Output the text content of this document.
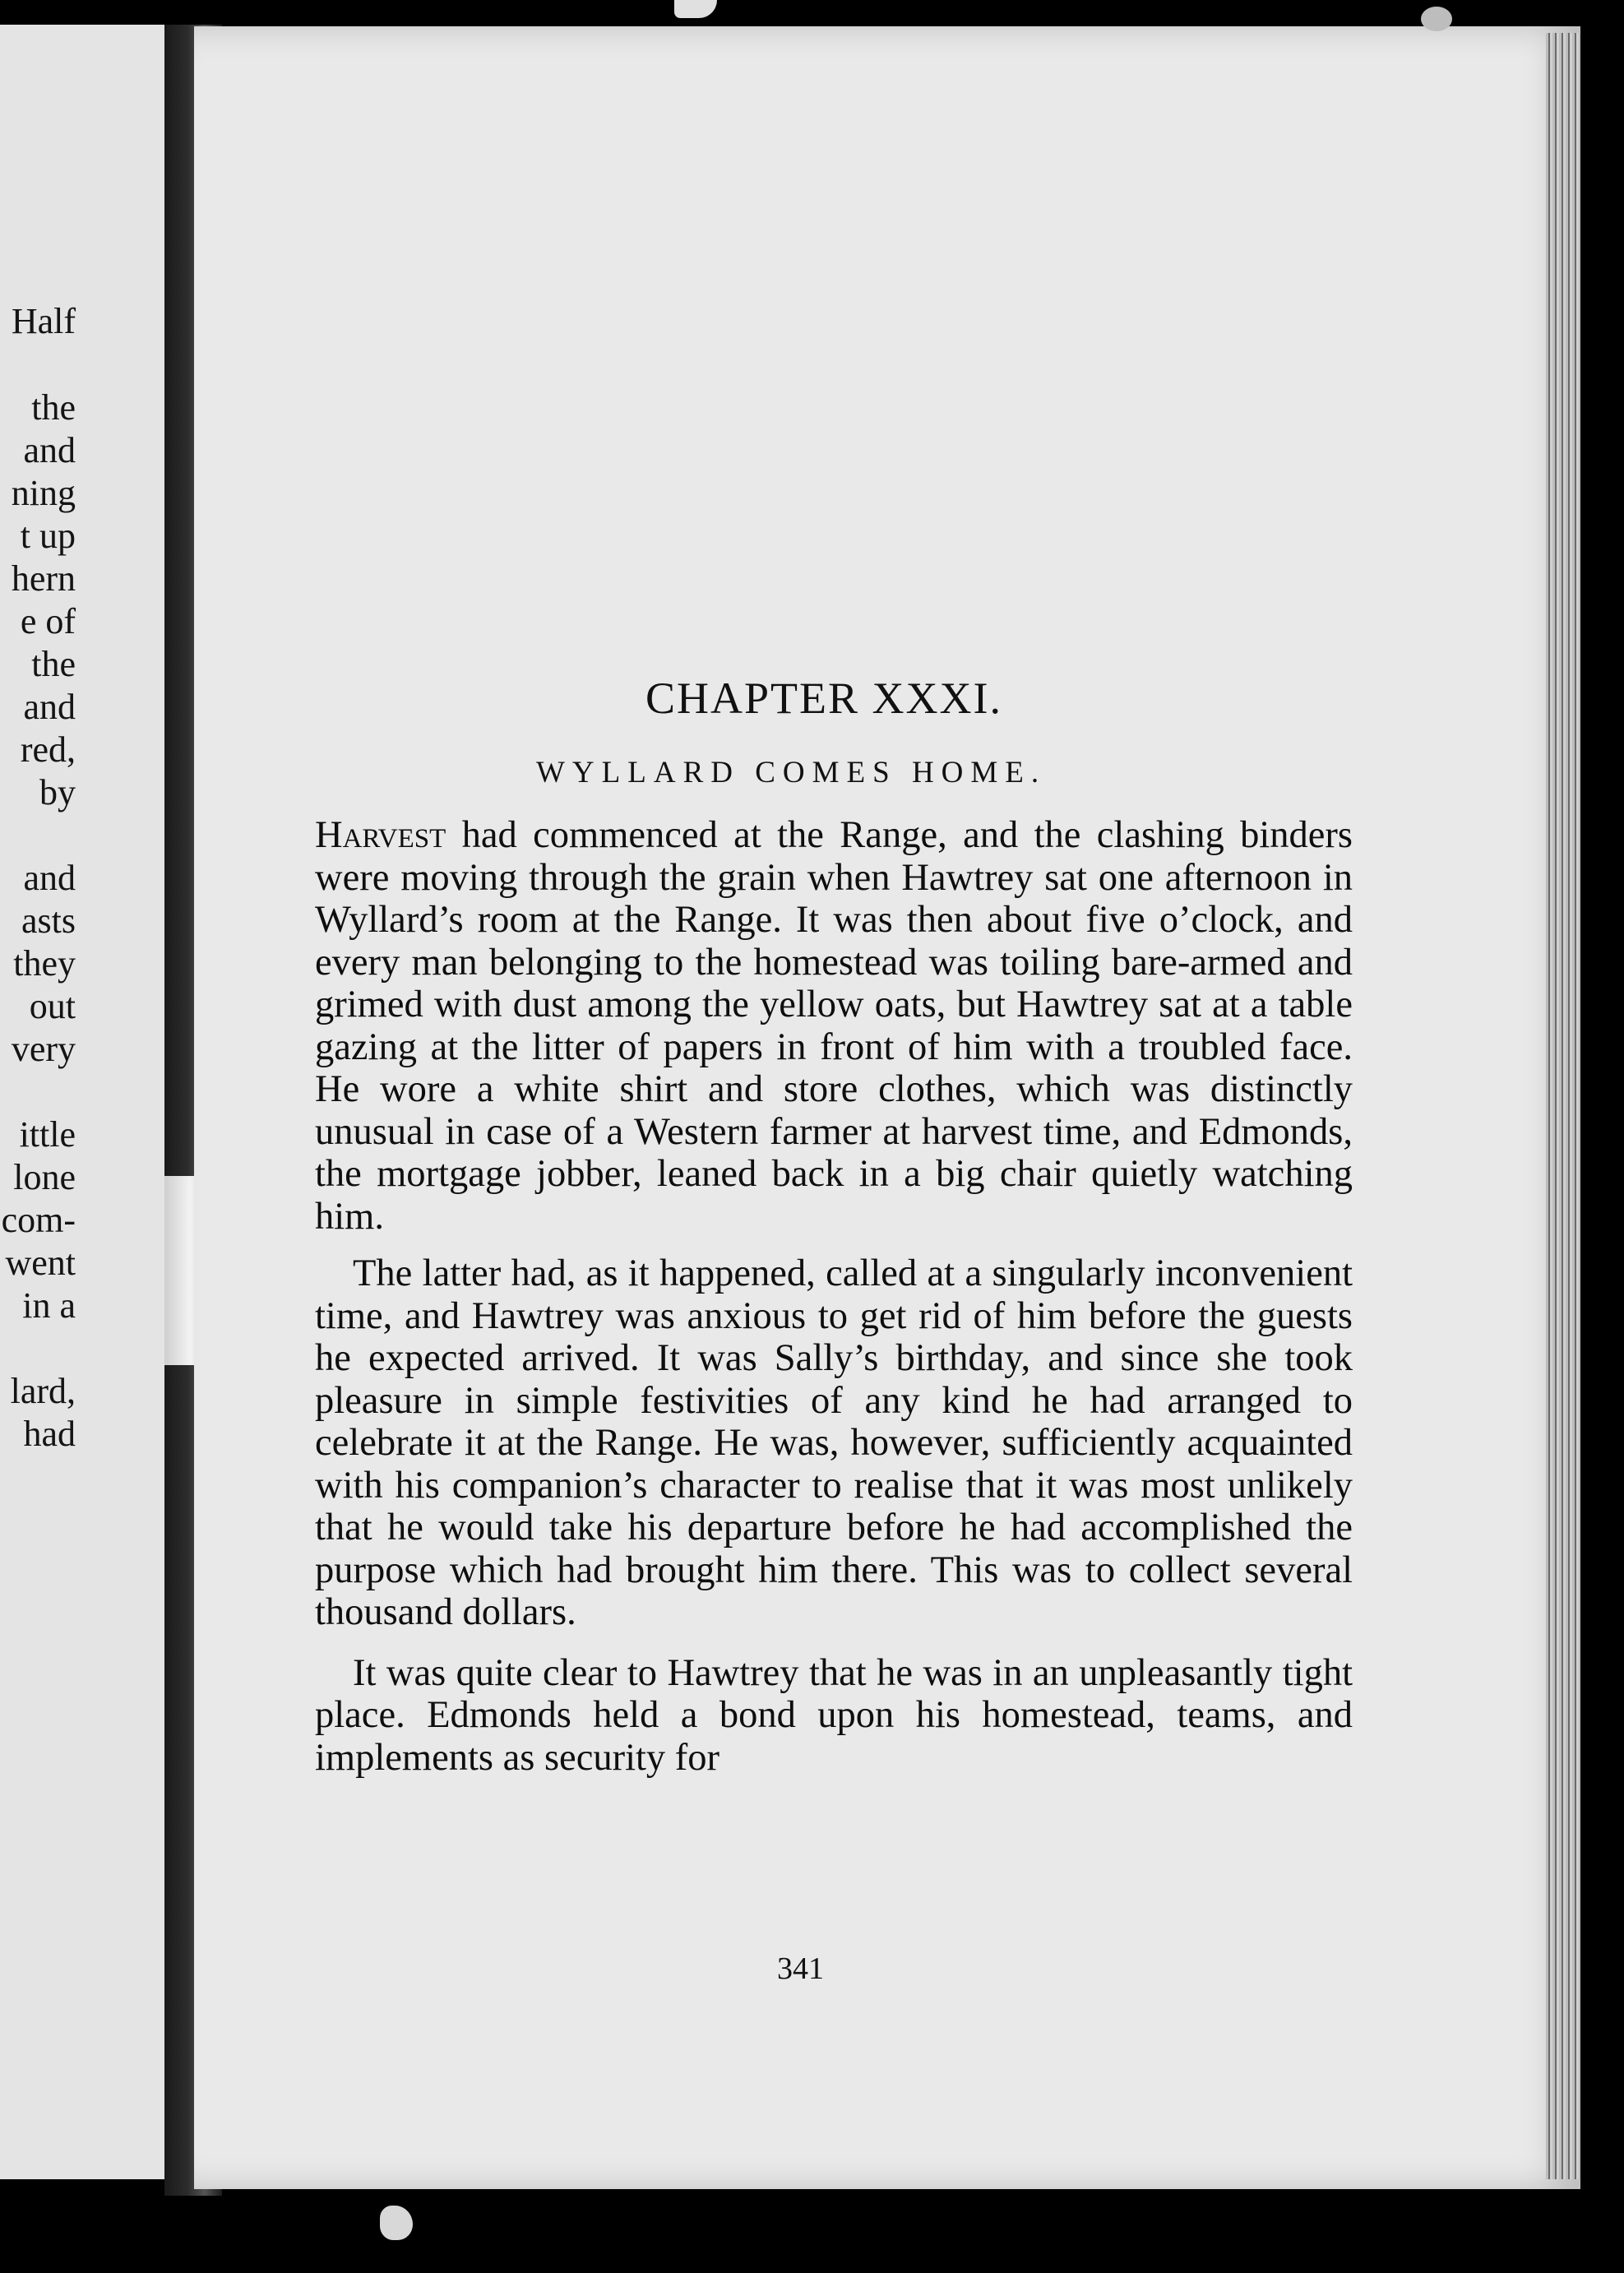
Half
the
and
ning
t up
hern
e of
the
and
red,
by
and
asts
they
out
very
ittle
lone
com-
went
in a
lard,
had
CHAPTER XXXI.
WYLLARD COMES HOME.

Harvest had commenced at the Range, and the clashing binders were moving through the grain when Hawtrey sat one afternoon in Wyllard’s room at the Range. It was then about five o’clock, and every man belonging to the homestead was toiling bare-armed and grimed with dust among the yellow oats, but Hawtrey sat at a table gazing at the litter of papers in front of him with a troubled face. He wore a white shirt and store clothes, which was distinctly unusual in case of a Western farmer at harvest time, and Edmonds, the mortgage jobber, leaned back in a big chair quietly watching him.

The latter had, as it happened, called at a singularly inconvenient time, and Hawtrey was anxious to get rid of him before the guests he expected arrived. It was Sally’s birthday, and since she took pleasure in simple festivities of any kind he had arranged to celebrate it at the Range. He was, however, sufficiently acquainted with his companion’s character to realise that it was most unlikely that he would take his departure before he had accomplished the purpose which had brought him there. This was to collect several thousand dollars.

It was quite clear to Hawtrey that he was in an unpleasantly tight place. Edmonds held a bond upon his homestead, teams, and implements as security for

341
